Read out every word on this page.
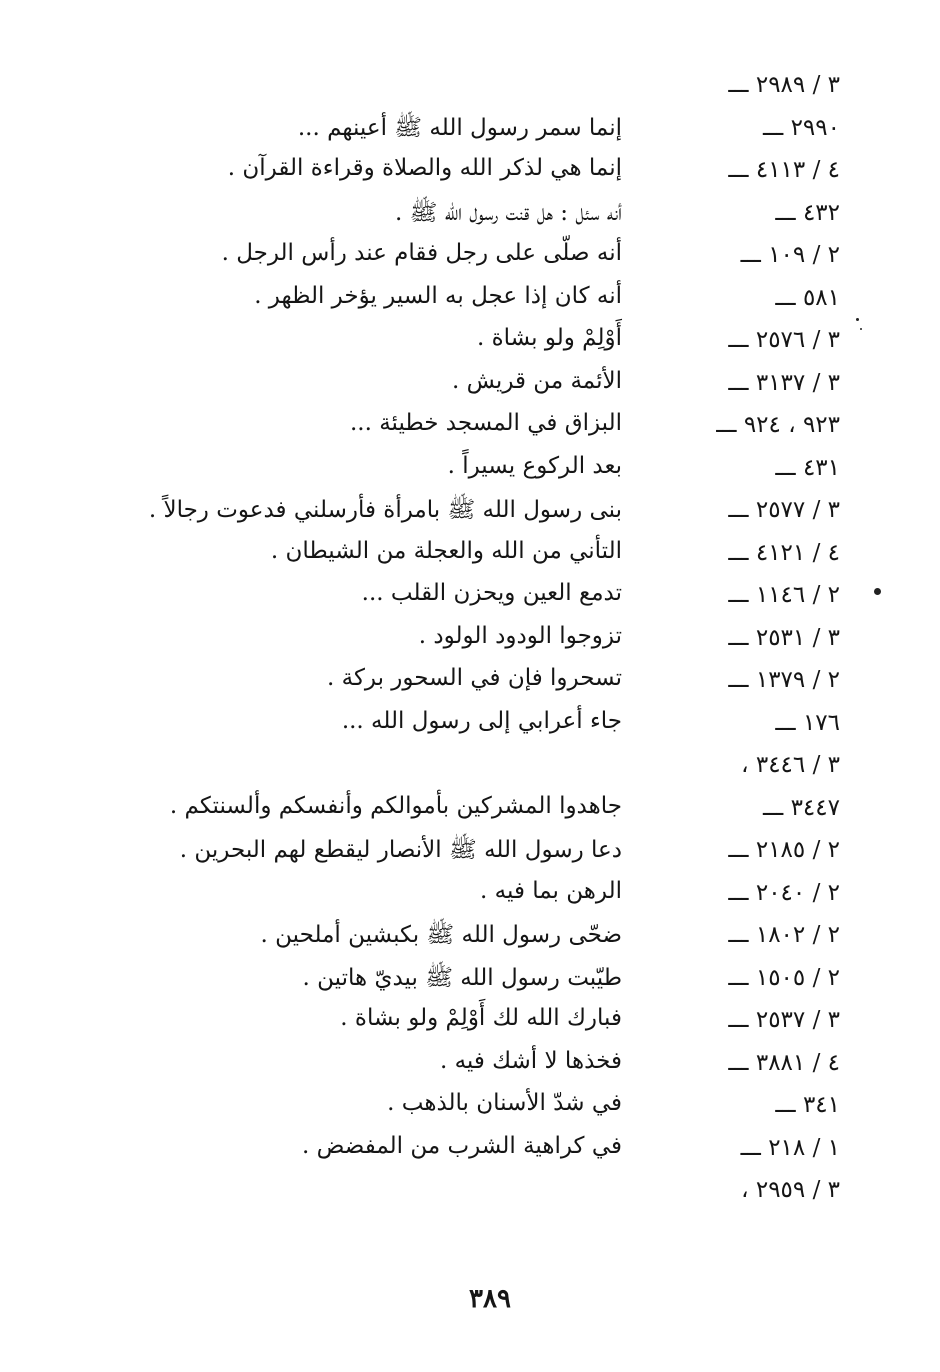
٣ / ٢٩٨٩ ـــ
٢٩٩٠ ـــ
إنما سمر رسول الله ﷺ أعينهم ...
٤ / ٤١١٣ ـــ
إنما هي لذكر الله والصلاة وقراءة القرآن .
٤٣٢ ـــ
أنه سئل : هل قنت رسول الله ﷺ .
٢ / ١٠٩ ـــ
أنه صلّى على رجل فقام عند رأس الرجل .
٥٨١ ـــ
أنه كان إذا عجل به السير يؤخر الظهر .
٣ / ٢٥٧٦ ـــ
أَوْلِمْ ولو بشاة .
٣ / ٣١٣٧ ـــ
الأئمة من قريش .
٩٢٣ ، ٩٢٤ ـــ
البزاق في المسجد خطيئة ...
٤٣١ ـــ
بعد الركوع يسيراً .
٣ / ٢٥٧٧ ـــ
بنى رسول الله ﷺ بامرأة فأرسلني فدعوت رجالاً .
٤ / ٤١٢١ ـــ
التأني من الله والعجلة من الشيطان .
٢ / ١١٤٦ ـــ
تدمع العين ويحزن القلب ...
٣ / ٢٥٣١ ـــ
تزوجوا الودود الولود .
٢ / ١٣٧٩ ـــ
تسحروا فإن في السحور بركة .
١٧٦ ـــ
جاء أعرابي إلى رسول الله ...
٣ / ٣٤٤٦ ،
٣٤٤٧ ـــ
جاهدوا المشركين بأموالكم وأنفسكم وألسنتكم .
٢ / ٢١٨٥ ـــ
دعا رسول الله ﷺ الأنصار ليقطع لهم البحرين .
٢ / ٢٠٤٠ ـــ
الرهن بما فيه .
٢ / ١٨٠٢ ـــ
ضحّى رسول الله ﷺ بكبشين أملحين .
٢ / ١٥٠٥ ـــ
طيّبت رسول الله ﷺ بيديّ هاتين .
٣ / ٢٥٣٧ ـــ
فبارك الله لك أَوْلِمْ ولو بشاة .
٤ / ٣٨٨١ ـــ
فخذها لا أشك فيه .
٣٤١ ـــ
في شدّ الأسنان بالذهب .
١ / ٢١٨ ـــ
في كراهية الشرب من المفضض .
٣ / ٢٩٥٩ ،
٣٨٩
